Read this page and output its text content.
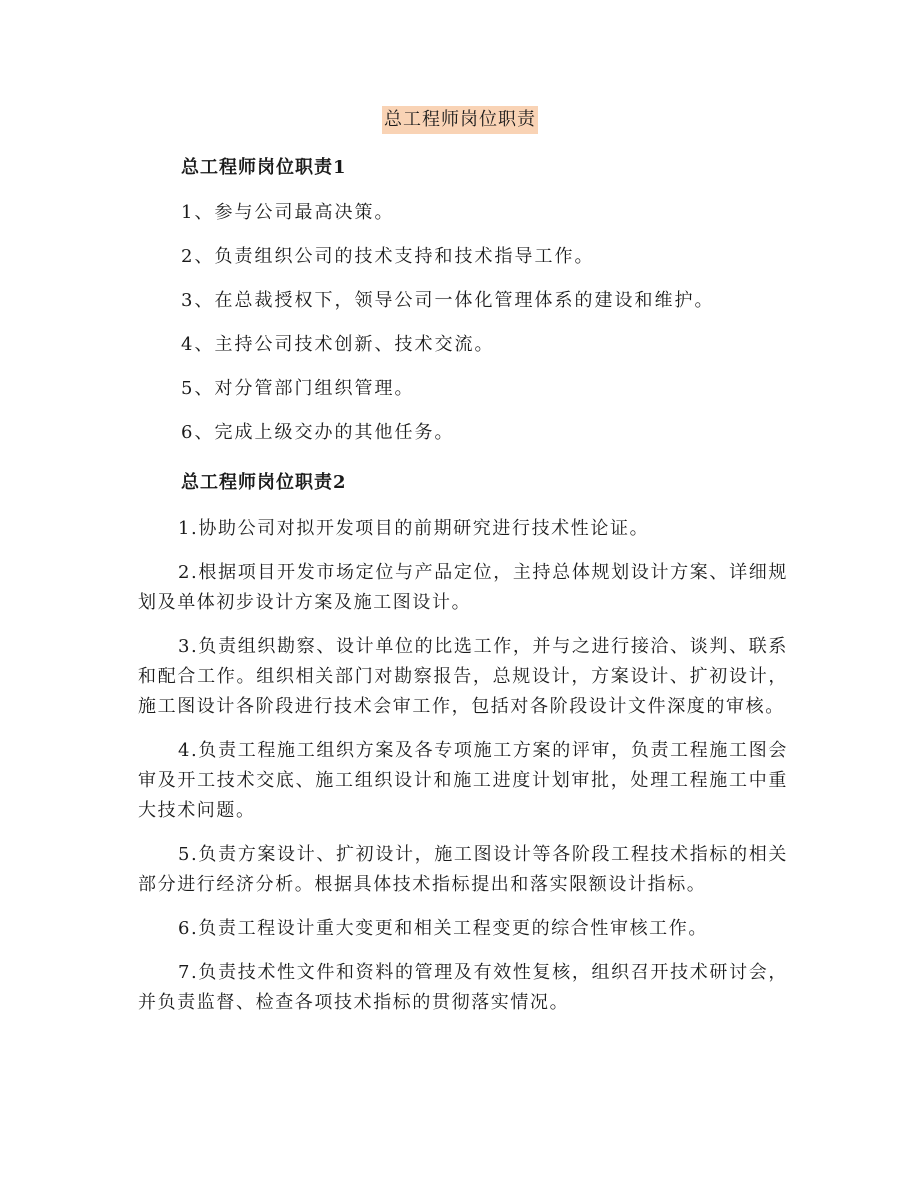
总工程师岗位职责
总工程师岗位职责1
1、参与公司最高决策。
2、负责组织公司的技术支持和技术指导工作。
3、在总裁授权下，领导公司一体化管理体系的建设和维护。
4、主持公司技术创新、技术交流。
5、对分管部门组织管理。
6、完成上级交办的其他任务。
总工程师岗位职责2
1.协助公司对拟开发项目的前期研究进行技术性论证。
2.根据项目开发市场定位与产品定位，主持总体规划设计方案、详细规划及单体初步设计方案及施工图设计。
3.负责组织勘察、设计单位的比选工作，并与之进行接洽、谈判、联系和配合工作。组织相关部门对勘察报告，总规设计，方案设计、扩初设计，施工图设计各阶段进行技术会审工作，包括对各阶段设计文件深度的审核。
4.负责工程施工组织方案及各专项施工方案的评审，负责工程施工图会审及开工技术交底、施工组织设计和施工进度计划审批，处理工程施工中重大技术问题。
5.负责方案设计、扩初设计，施工图设计等各阶段工程技术指标的相关部分进行经济分析。根据具体技术指标提出和落实限额设计指标。
6.负责工程设计重大变更和相关工程变更的综合性审核工作。
7.负责技术性文件和资料的管理及有效性复核，组织召开技术研讨会，并负责监督、检查各项技术指标的贯彻落实情况。
